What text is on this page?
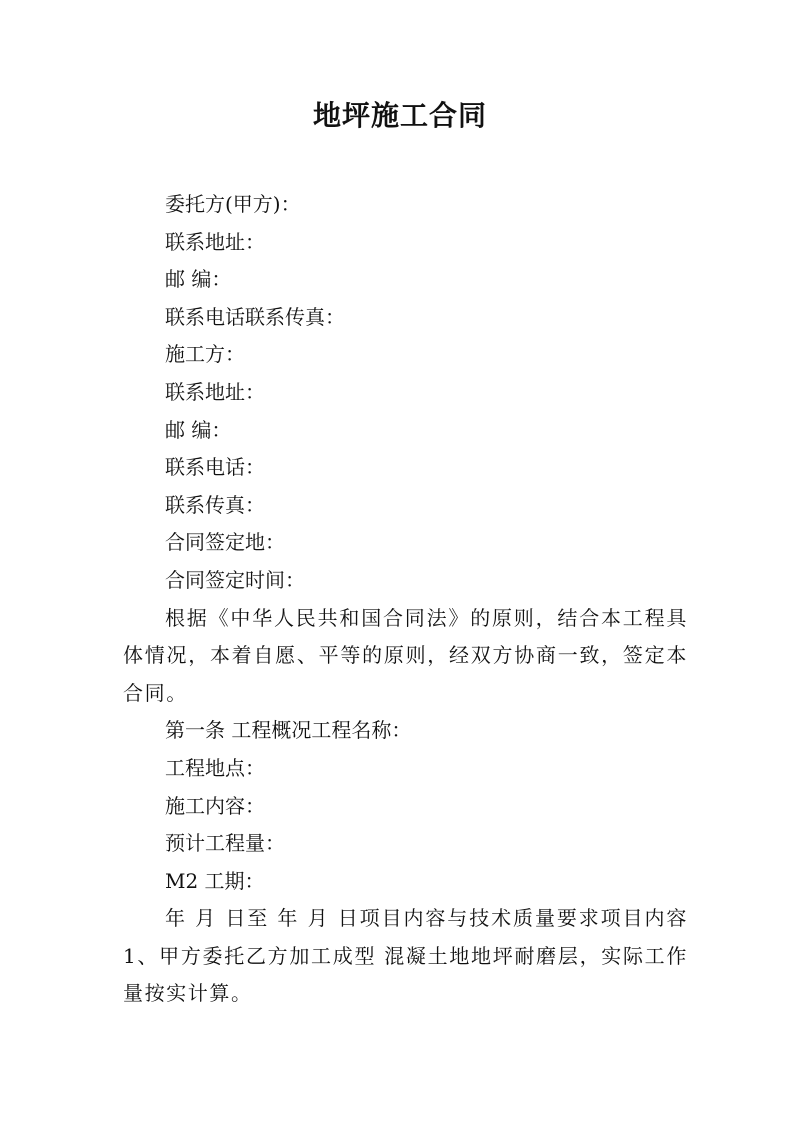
地坪施工合同

委托方(甲方)：

联系地址：

邮 编：

联系电话联系传真：

施工方：

联系地址：

邮 编：

联系电话：

联系传真：

合同签定地：

合同签定时间：

根据《中华人民共和国合同法》的原则，结合本工程具体情况，本着自愿、平等的原则，经双方协商一致，签定本合同。

第一条 工程概况工程名称：

工程地点：

施工内容：

预计工程量：

M2 工期：

年 月 日至 年 月 日项目内容与技术质量要求项目内容 1、甲方委托乙方加工成型 混凝土地地坪耐磨层，实际工作量按实计算。
